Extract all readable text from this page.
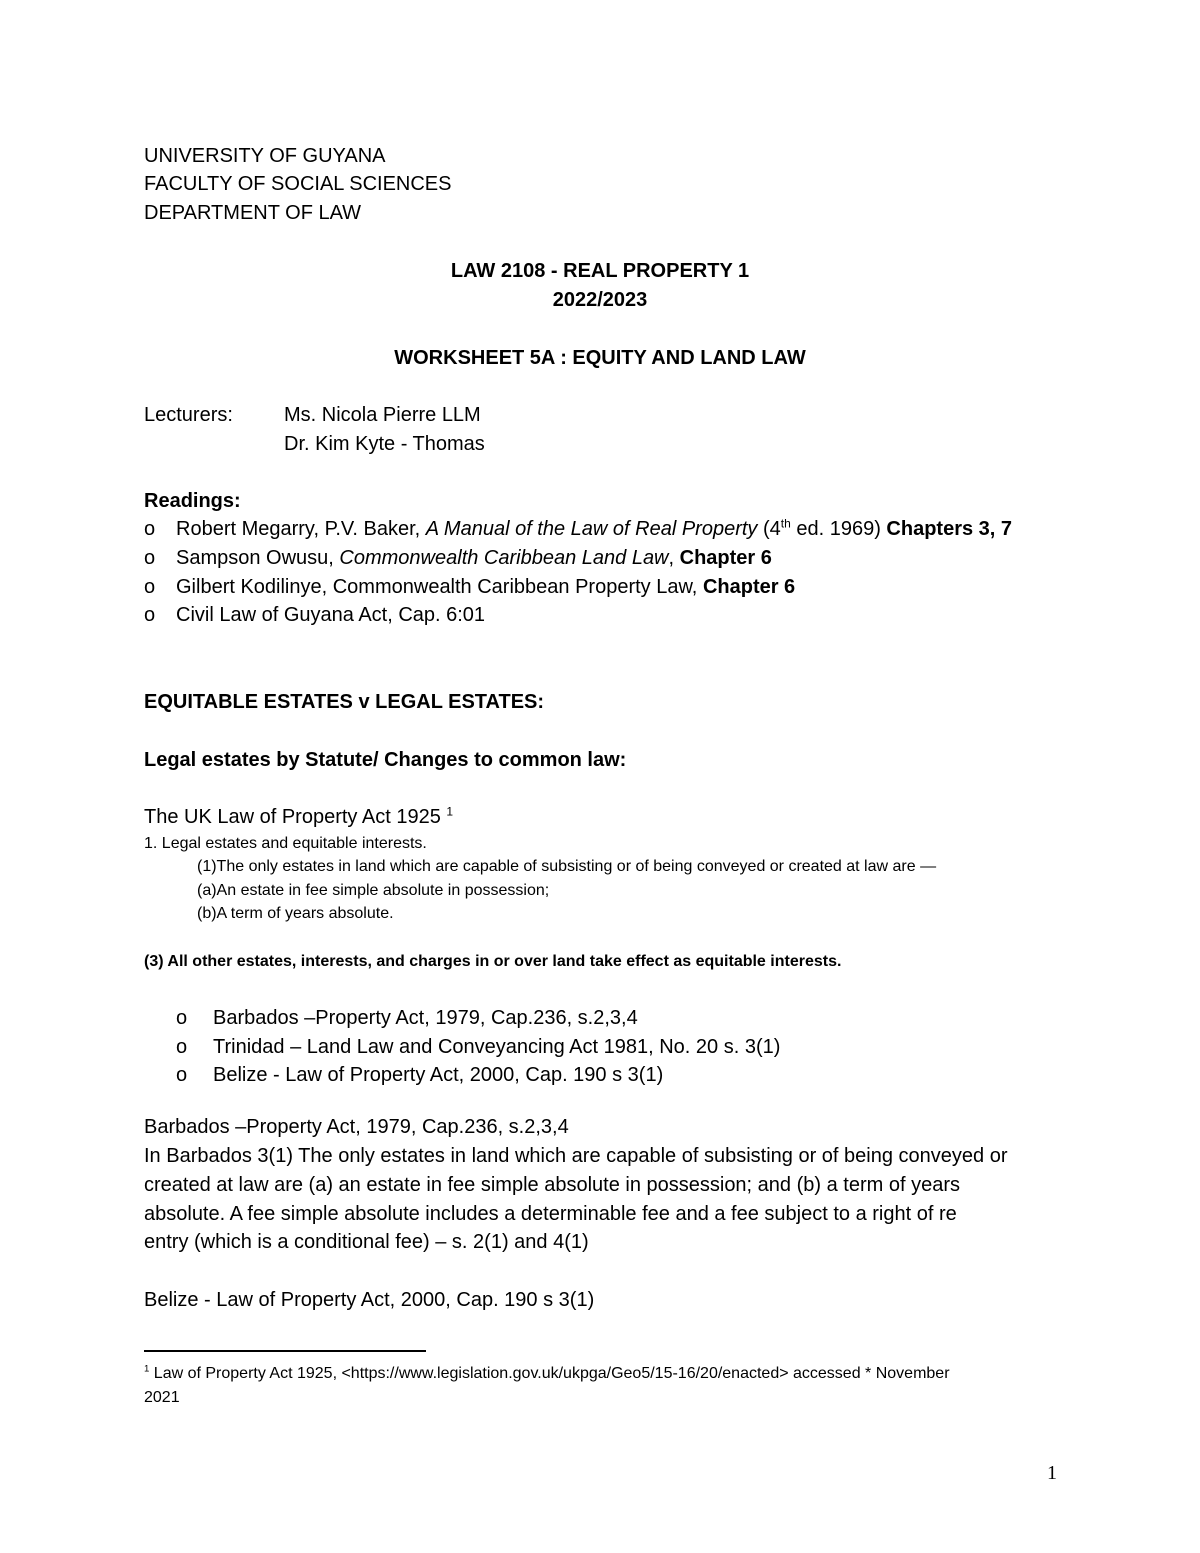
UNIVERSITY OF GUYANA
FACULTY OF SOCIAL SCIENCES
DEPARTMENT OF LAW
LAW 2108 - REAL PROPERTY 1
2022/2023
WORKSHEET 5A : EQUITY AND LAND LAW
Lecturers:	Ms. Nicola Pierre LLM
Dr. Kim Kyte - Thomas
Readings:
o Robert Megarry, P.V. Baker, A Manual of the Law of Real Property (4th ed. 1969) Chapters 3, 7
o Sampson Owusu, Commonwealth Caribbean Land Law, Chapter 6
o Gilbert Kodilinye, Commonwealth Caribbean Property Law, Chapter 6
o Civil Law of Guyana Act, Cap. 6:01
EQUITABLE ESTATES v LEGAL ESTATES:
Legal estates by Statute/ Changes to common law:
The UK Law of Property Act 1925 $^1$
1. Legal estates and equitable interests.
(1)The only estates in land which are capable of subsisting or of being conveyed or created at law are —
(a)An estate in fee simple absolute in possession;
(b)A term of years absolute.
(3) All other estates, interests, and charges in or over land take effect as equitable interests.
o Barbados –Property Act, 1979, Cap.236, s.2,3,4
o Trinidad – Land Law and Conveyancing Act 1981, No. 20 s. 3(1)
o Belize - Law of Property Act, 2000, Cap. 190 s 3(1)
Barbados –Property Act, 1979, Cap.236, s.2,3,4
In Barbados 3(1) The only estates in land which are capable of subsisting or of being conveyed or
created at law are (a) an estate in fee simple absolute in possession; and (b) a term of years
absolute. A fee simple absolute includes a determinable fee and a fee subject to a right of re
entry (which is a conditional fee) – s. 2(1) and 4(1)
Belize - Law of Property Act, 2000, Cap. 190 s 3(1)
$^1$ Law of Property Act 1925, <https://www.legislation.gov.uk/ukpga/Geo5/15-16/20/enacted> accessed * November
2021
1
